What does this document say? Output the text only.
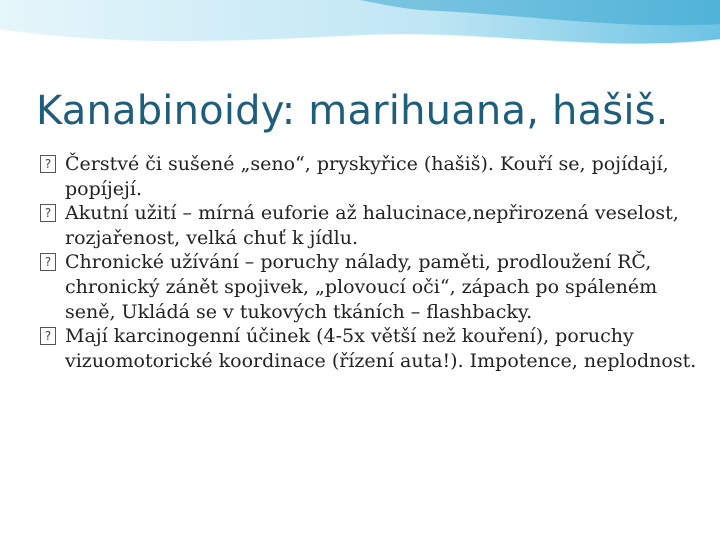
Kanabinoidy: marihuana, hašiš.
? Čerstvé či sušené „seno“, pryskyřice (hašiš). Kouří se, pojídají, popíjejí.
? Akutní užití – mírná euforie až halucinace,nepřirozená veselost, rozjařenost, velká chuť k jídlu.
? Chronické užívání – poruchy nálady, paměti, prodloužení RČ, chronický zánět spojivek, „plovoucí oči“, zápach po spáleném seně, Ukládá se v tukových tkáních – flashbacky.
? Mají karcinogenní účinek (4-5x větší než kouření), poruchy vizuomotorické koordinace (řízení auta!). Impotence, neplodnost.
